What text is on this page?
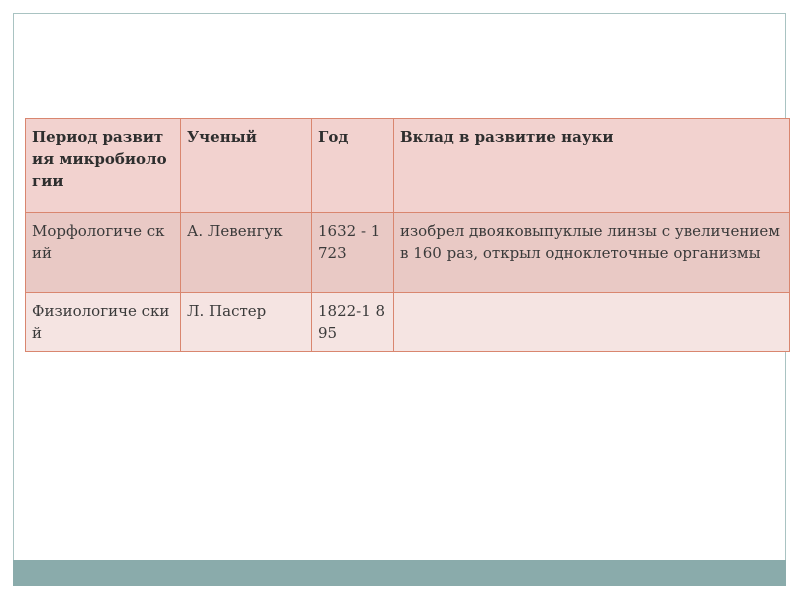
Период развития микробиоло гии	Ученый	Год	Вклад в развитие науки
Морфологиче ский	А. Левенгук	1632 - 1723	изобрел двояковыпуклые линзы с увеличением в 160 раз, открыл одноклеточные организмы
Физиологиче ский	Л. Пастер	1822-1 895	
